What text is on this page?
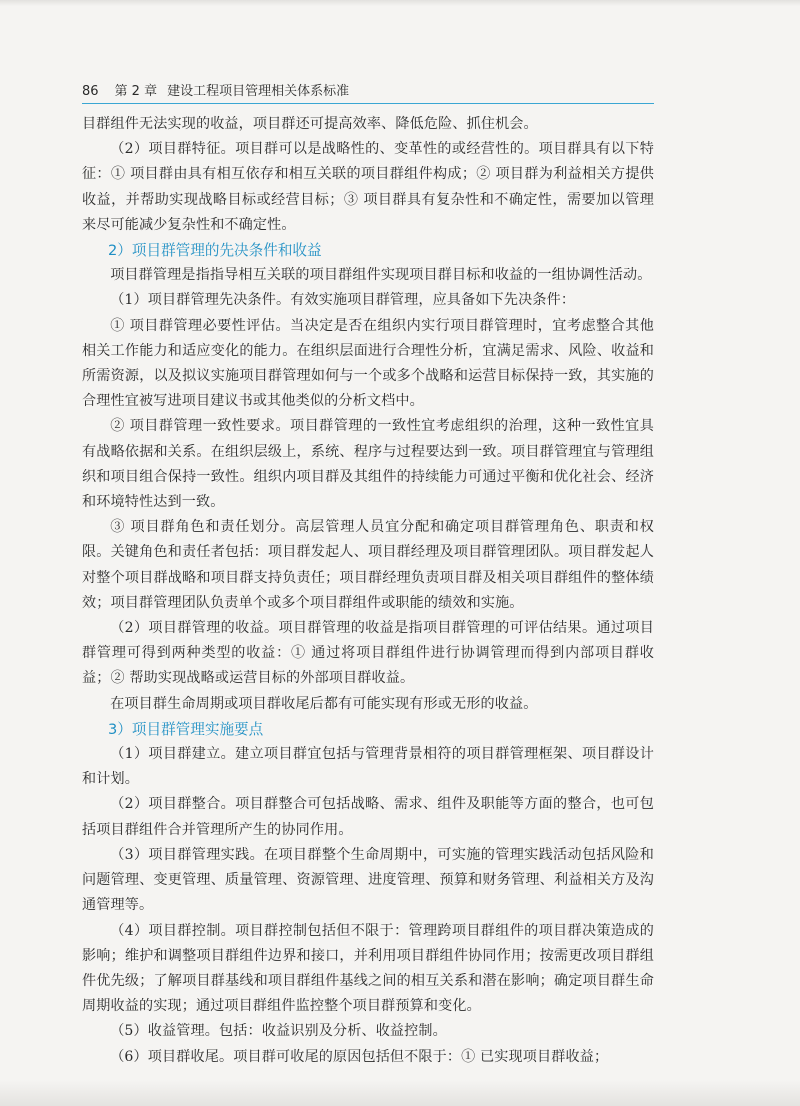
86 第 2 章 建设工程项目管理相关体系标准

目群组件无法实现的收益，项目群还可提高效率、降低危险、抓住机会。

（2）项目群特征。项目群可以是战略性的、变革性的或经营性的。项目群具有以下特征：① 项目群由具有相互依存和相互关联的项目群组件构成；② 项目群为利益相关方提供收益，并帮助实现战略目标或经营目标；③ 项目群具有复杂性和不确定性，需要加以管理来尽可能减少复杂性和不确定性。

2）项目群管理的先决条件和收益

项目群管理是指指导相互关联的项目群组件实现项目群目标和收益的一组协调性活动。

（1）项目群管理先决条件。有效实施项目群管理，应具备如下先决条件：

① 项目群管理必要性评估。当决定是否在组织内实行项目群管理时，宜考虑整合其他相关工作能力和适应变化的能力。在组织层面进行合理性分析，宜满足需求、风险、收益和所需资源，以及拟议实施项目群管理如何与一个或多个战略和运营目标保持一致，其实施的合理性宜被写进项目建议书或其他类似的分析文档中。

② 项目群管理一致性要求。项目群管理的一致性宜考虑组织的治理，这种一致性宜具有战略依据和关系。在组织层级上，系统、程序与过程要达到一致。项目群管理宜与管理组织和项目组合保持一致性。组织内项目群及其组件的持续能力可通过平衡和优化社会、经济和环境特性达到一致。

③ 项目群角色和责任划分。高层管理人员宜分配和确定项目群管理角色、职责和权限。关键角色和责任者包括：项目群发起人、项目群经理及项目群管理团队。项目群发起人对整个项目群战略和项目群支持负责任；项目群经理负责项目群及相关项目群组件的整体绩效；项目群管理团队负责单个或多个项目群组件或职能的绩效和实施。

（2）项目群管理的收益。项目群管理的收益是指项目群管理的可评估结果。通过项目群管理可得到两种类型的收益：① 通过将项目群组件进行协调管理而得到内部项目群收益；② 帮助实现战略或运营目标的外部项目群收益。

在项目群生命周期或项目群收尾后都有可能实现有形或无形的收益。

3）项目群管理实施要点

（1）项目群建立。建立项目群宜包括与管理背景相符的项目群管理框架、项目群设计和计划。

（2）项目群整合。项目群整合可包括战略、需求、组件及职能等方面的整合，也可包括项目群组件合并管理所产生的协同作用。

（3）项目群管理实践。在项目群整个生命周期中，可实施的管理实践活动包括风险和问题管理、变更管理、质量管理、资源管理、进度管理、预算和财务管理、利益相关方及沟通管理等。

（4）项目群控制。项目群控制包括但不限于：管理跨项目群组件的项目群决策造成的影响；维护和调整项目群组件边界和接口，并利用项目群组件协同作用；按需更改项目群组件优先级；了解项目群基线和项目群组件基线之间的相互关系和潜在影响；确定项目群生命周期收益的实现；通过项目群组件监控整个项目群预算和变化。

（5）收益管理。包括：收益识别及分析、收益控制。

（6）项目群收尾。项目群可收尾的原因包括但不限于：① 已实现项目群收益；
